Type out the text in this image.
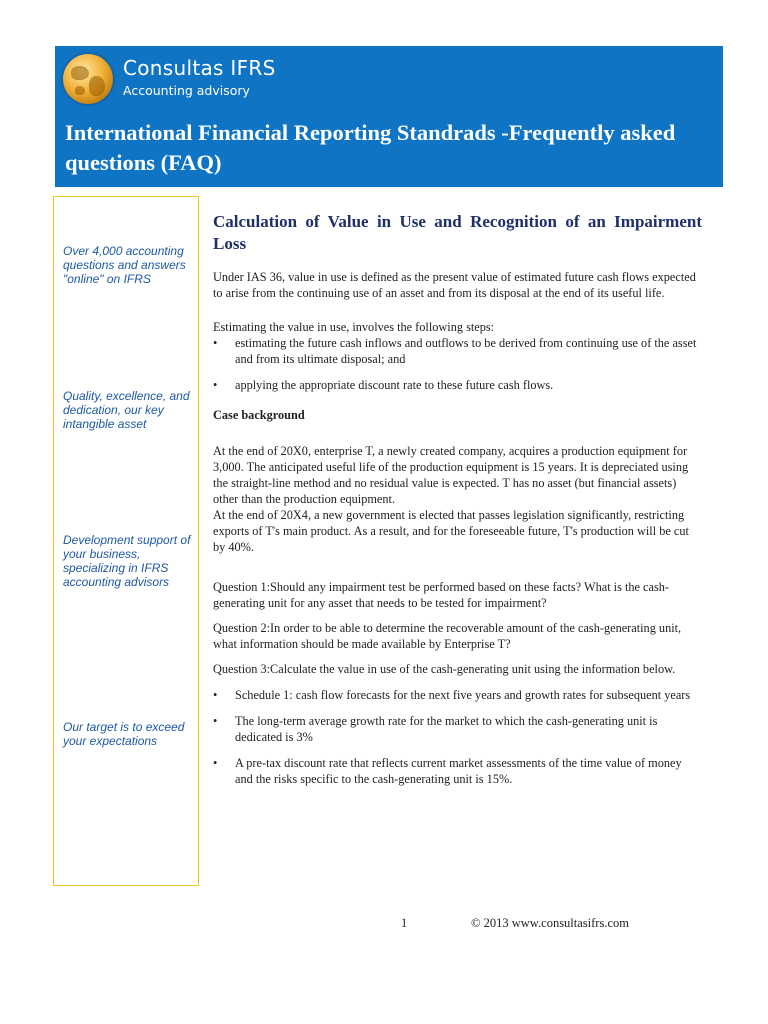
Consultas IFRS
Accounting advisory
International Financial Reporting Standrads -Frequently asked questions (FAQ)
Over 4,000 accounting questions and answers "online" on IFRS
Quality, excellence, and dedication, our key intangible asset
Development support of your business, specializing in IFRS accounting advisors
Our target is to exceed your expectations
Calculation of Value in Use and Recognition of an Impairment Loss

Under IAS 36, value in use is defined as the present value of estimated future cash flows expected to arise from the continuing use of an asset and from its disposal at the end of its useful life.

Estimating the value in use, involves the following steps:

• estimating the future cash inflows and outflows to be derived from continuing use of the asset and from its ultimate disposal; and
• applying the appropriate discount rate to these future cash flows.

Case background

At the end of 20X0, enterprise T, a newly created company, acquires a production equipment for 3,000. The anticipated useful life of the production equipment is 15 years. It is depreciated using the straight-line method and no residual value is expected. T has no asset (but financial assets) other than the production equipment.

At the end of 20X4, a new government is elected that passes legislation significantly, restricting exports of T's main product. As a result, and for the foreseeable future, T's production will be cut by 40%.

Question 1:Should any impairment test be performed based on these facts? What is the cash-generating unit for any asset that needs to be tested for impairment?

Question 2:In order to be able to determine the recoverable amount of the cash-generating unit, what information should be made available by Enterprise T?

Question 3:Calculate the value in use of the cash-generating unit using the information below.

• Schedule 1: cash flow forecasts for the next five years and growth rates for subsequent years
• The long-term average growth rate for the market to which the cash-generating unit is dedicated is 3%
• A pre-tax discount rate that reflects current market assessments of the time value of money and the risks specific to the cash-generating unit is 15%.
1	© 2013 www.consultasifrs.com
